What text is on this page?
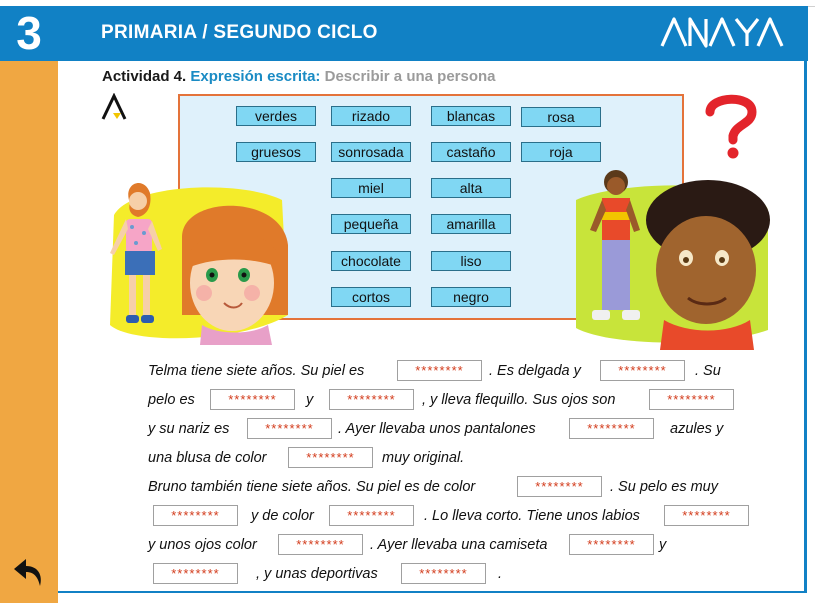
3	PRIMARIA / SEGUNDO CICLO
Actividad 4. Expresión escrita: Describir a una persona
verdes	rizado	blancas	rosa
gruesos	sonrosada	castaño	roja
miel	alta
pequeña	amarilla
chocolate	liso
cortos	negro
Telma tiene siete años. Su piel es	********	. Es delgada y	********	. Su
pelo es	********	y	********	, y lleva flequillo. Sus ojos son	********
y su nariz es	********	. Ayer llevaba unos pantalones	********	azules y
una blusa de color	********	muy original.
Bruno también tiene siete años. Su piel es de color	********	. Su pelo es muy
********	y de color	********	. Lo lleva corto. Tiene unos labios	********
y unos ojos color	********	. Ayer llevaba una camiseta	********	y
********	, y unas deportivas	********	.
